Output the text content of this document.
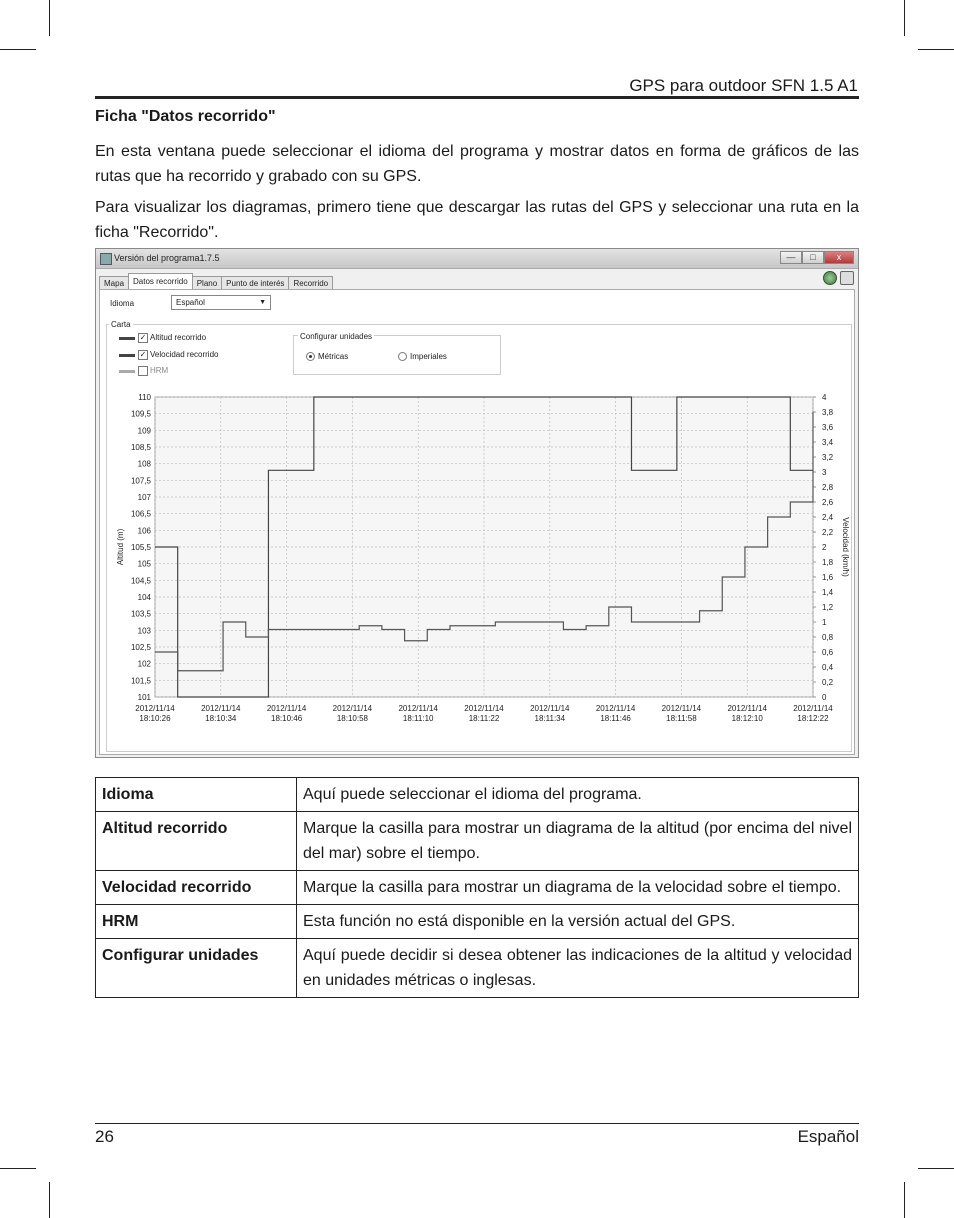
GPS para outdoor SFN 1.5 A1
Ficha "Datos recorrido"
En esta ventana puede seleccionar el idioma del programa y mostrar datos en forma de gráficos de las rutas que ha recorrido y grabado con su GPS.
Para visualizar los diagramas, primero tiene que descargar las rutas del GPS y seleccionar una ruta en la ficha "Recorrido".
Versión del programa1.7.5	—	□	x
Mapa Datos recorrido Plano Punto de interés Recorrido
Idioma	Español	▼
Carta
✓ Altitud recorrido
✓ Velocidad recorrido
HRM
Configurar unidades
Métricas	Imperiales
101
101,5
102
102,5
103
103,5
104
104,5
105
105,5
106
106,5
107
107,5
108
108,5
109
109,5
110
0
0,2
0,4
0,6
0,8
1
1,2
1,4
1,6
1,8
2
2,2
2,4
2,6
2,8
3
3,2
3,4
3,6
3,8
4
2012/11/14
18:10:26
2012/11/14
18:10:34
2012/11/14
18:10:46
2012/11/14
18:10:58
2012/11/14
18:11:10
2012/11/14
18:11:22
2012/11/14
18:11:34
2012/11/14
18:11:46
2012/11/14
18:11:58
2012/11/14
18:12:10
2012/11/14
18:12:22
Altitud (m)	Velocidad (km/h)
Idioma	Aquí puede seleccionar el idioma del programa.
Altitud recorrido	Marque la casilla para mostrar un diagrama de la altitud (por encima del nivel del mar) sobre el tiempo.
Velocidad recorrido	Marque la casilla para mostrar un diagrama de la velocidad sobre el tiempo.
HRM	Esta función no está disponible en la versión actual del GPS.
Configurar unidades	Aquí puede decidir si desea obtener las indicaciones de la altitud y velocidad en unidades métricas o inglesas.
26	Español
